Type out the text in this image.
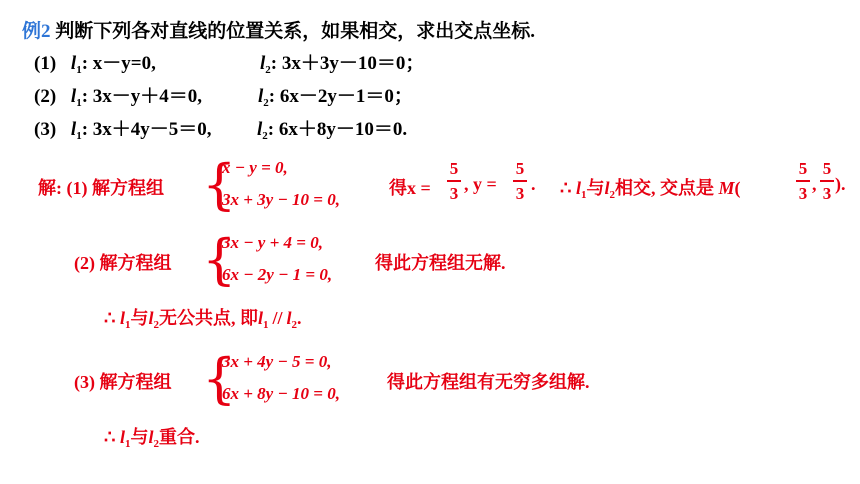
例2 判断下列各对直线的位置关系，如果相交，求出交点坐标.
(1) $l_1$: x－y=0,	$l_2$: 3x＋3y－10＝0；
(2) $l_1$: 3x－y＋4＝0,	$l_2$: 6x－2y－1＝0；
(3) $l_1$: 3x＋4y－5＝0, $l_2$: 6x＋8y－10＝0.
解: (1) 解方程组 {
x − y = 0,
3x + 3y − 10 = 0,
得x =
5
3 , y =
5
3 . ∴ $l_1$与$l_2$相交, 交点是 M(
5
3 ,
5
3 ).
(2) 解方程组 {
3x − y + 4 = 0,
6x − 2y − 1 = 0,
得此方程组无解.
∴ $l_1$与$l_2$无公共点, 即$l_1 // l_2$.
(3) 解方程组 {
3x + 4y − 5 = 0,
6x + 8y − 10 = 0,
得此方程组有无穷多组解.
∴ $l_1$与$l_2$重合.
